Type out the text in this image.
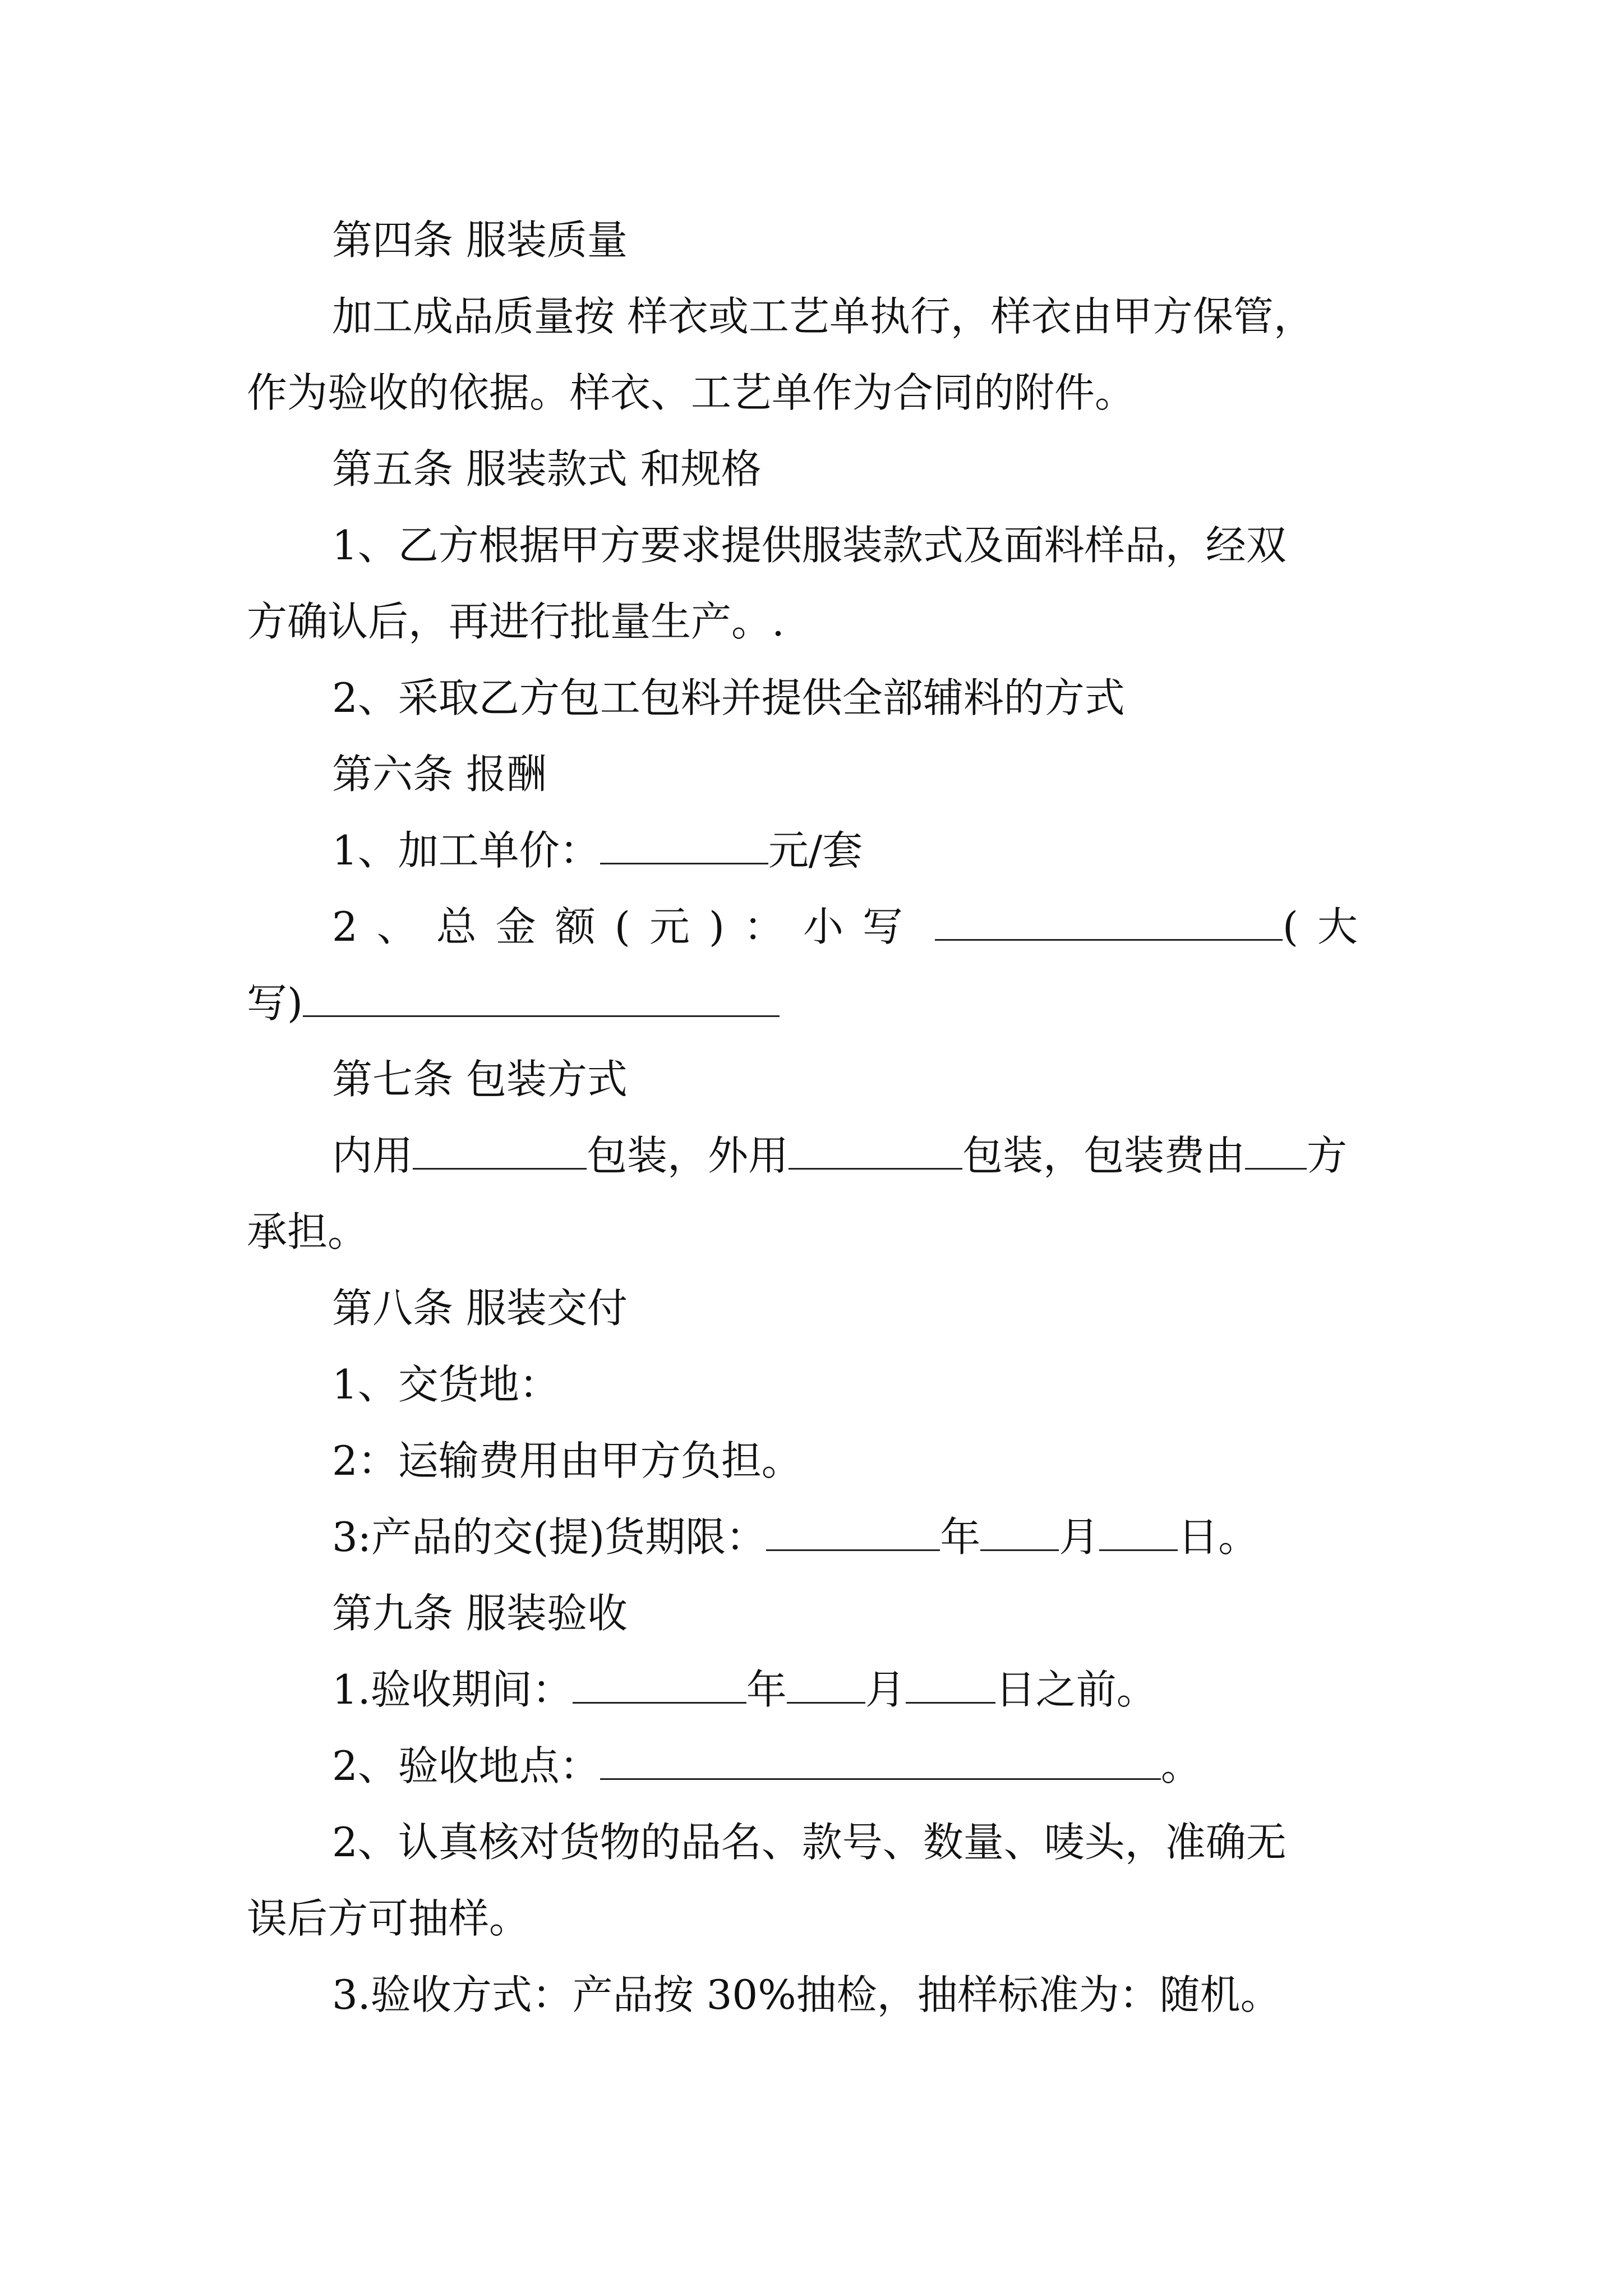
第四条 服装质量

加工成品质量按 样衣或工艺单执行，样衣由甲方保管，

作为验收的依据。样衣、工艺单作为合同的附件。

第五条 服装款式 和规格

1、乙方根据甲方要求提供服装款式及面料样品，经双

方确认后，再进行批量生产。.

2、采取乙方包工包料并提供全部辅料的方式

第六条 报酬

1、加工单价：	元/套

2、总金额(元)：小写	(大

写)

第七条 包装方式

内用	包装，外用	包装，包装费由 方

承担。

第八条 服装交付

1、交货地：

2：运输费用由甲方负担。

3:产品的交(提)货期限：	年 月 日。

第九条 服装验收

1.验收期间：	年 月 日之前。

2、验收地点：	。

2、认真核对货物的品名、款号、数量、唛头，准确无

误后方可抽样。

3.验收方式：产品按 30%抽检，抽样标准为：随机。
